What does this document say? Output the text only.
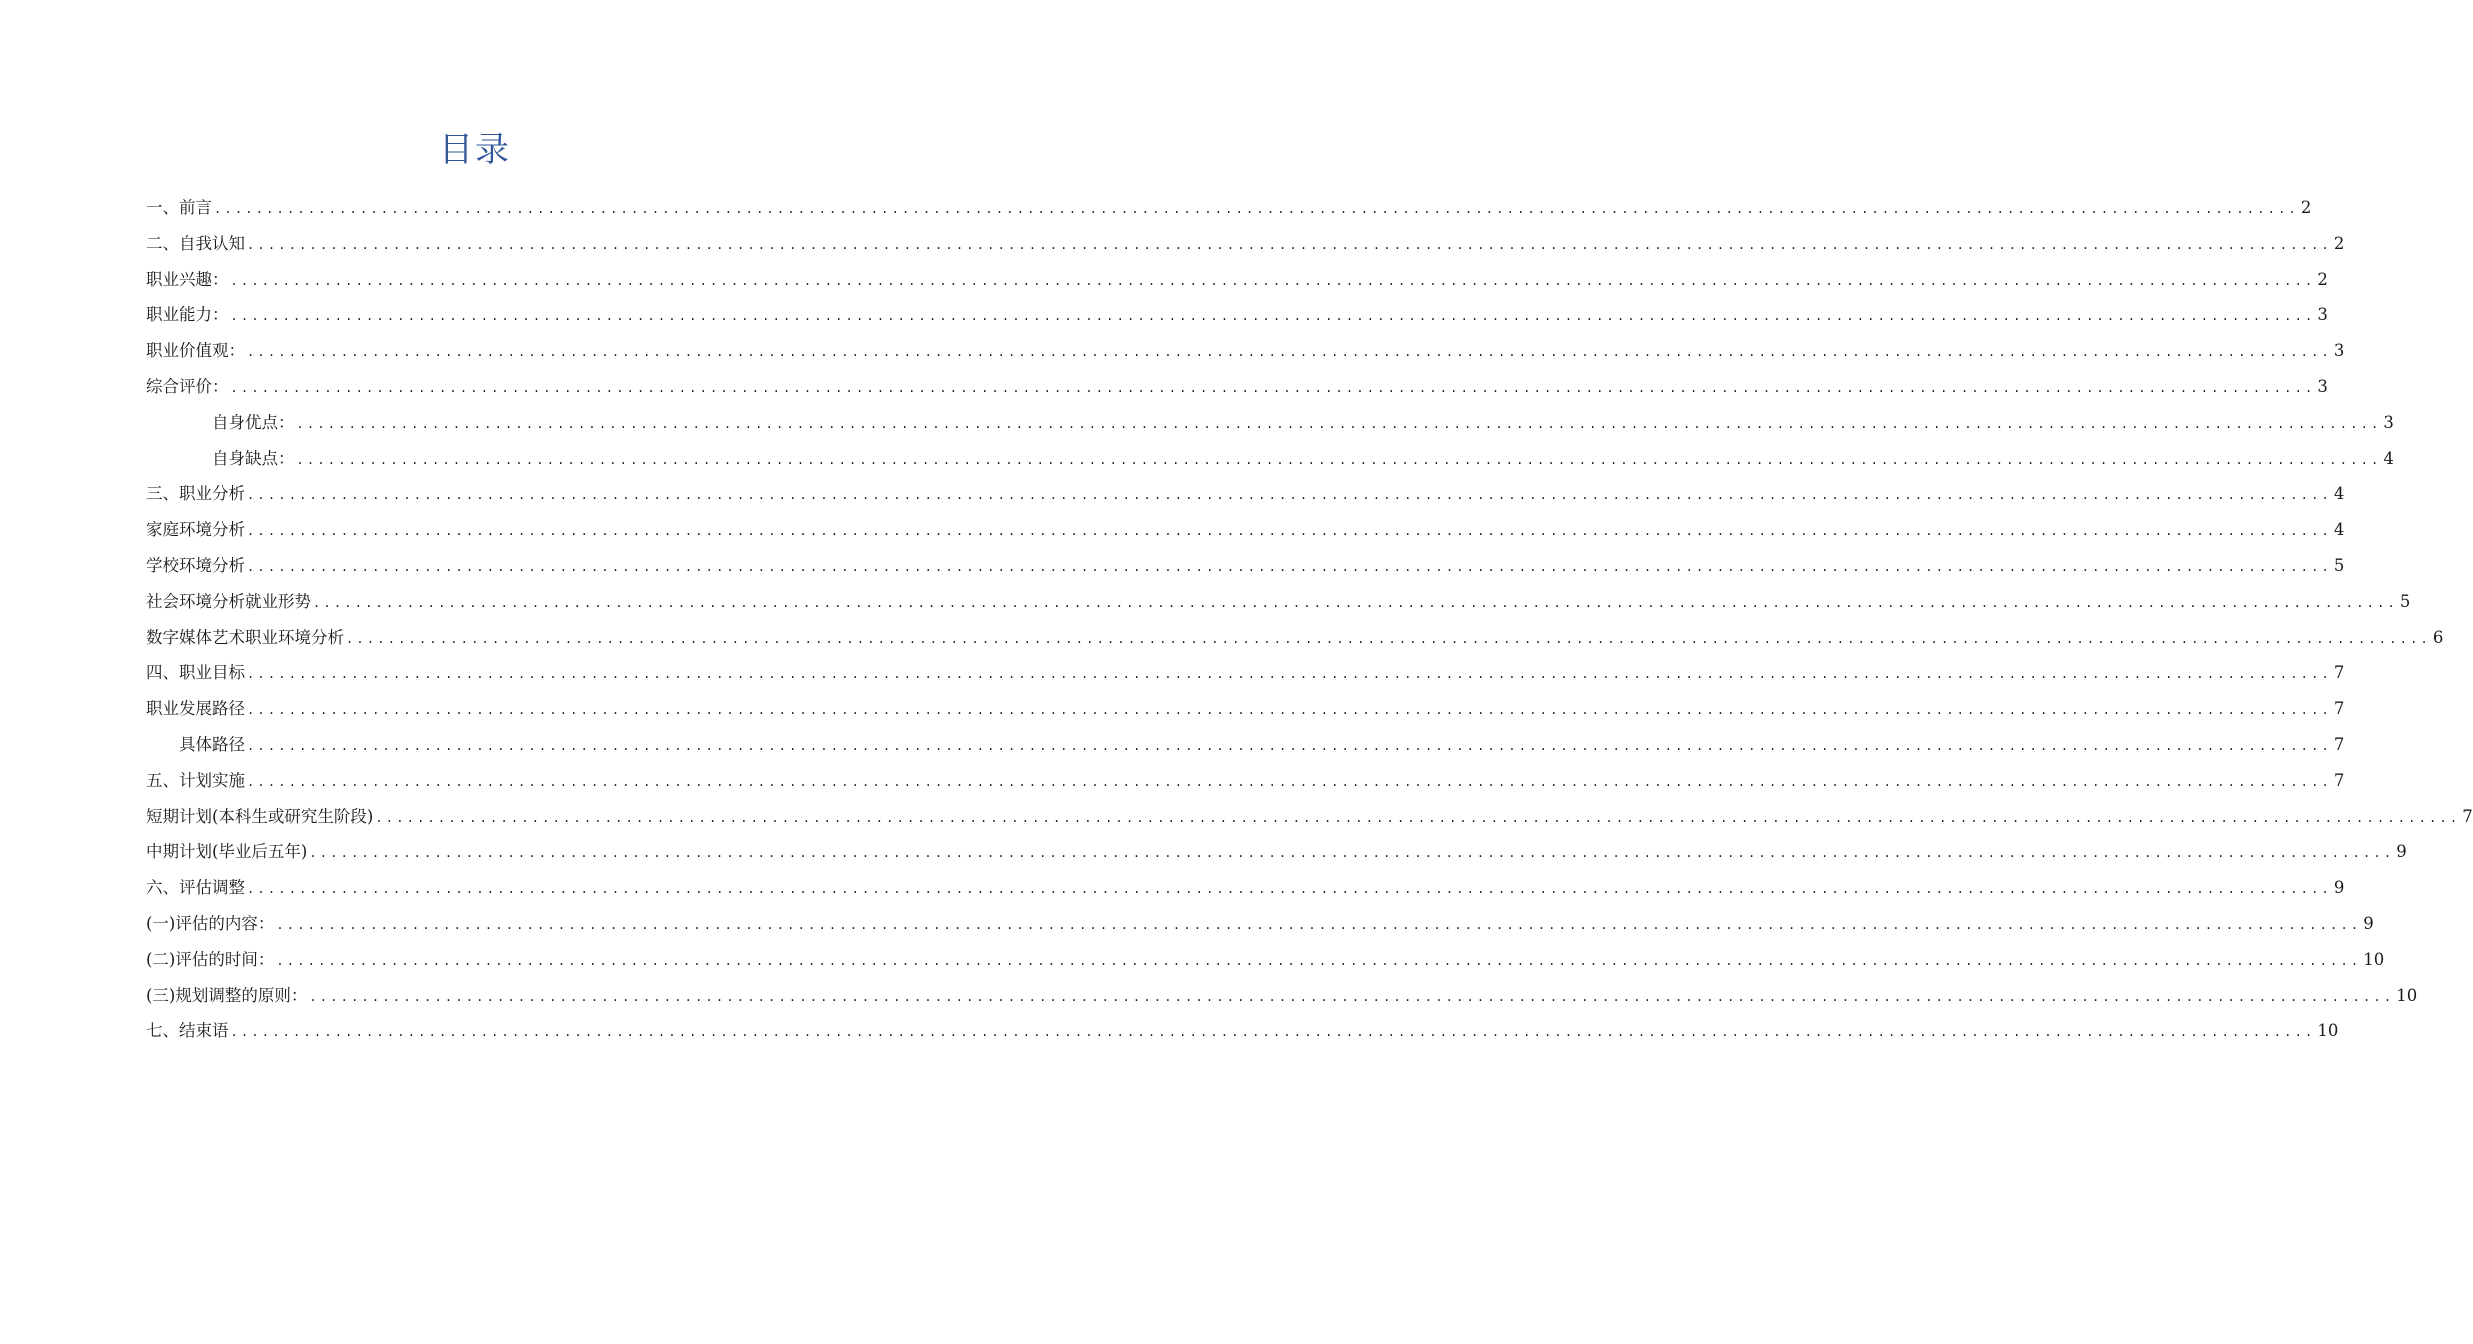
目录
一、前言 ........................................................................................................................................................................................................ 2
二、自我认知 ........................................................................................................................................................................................................ 2
职业兴趣： ........................................................................................................................................................................................................ 2
职业能力： ........................................................................................................................................................................................................ 3
职业价值观： ........................................................................................................................................................................................................ 3
综合评价： ........................................................................................................................................................................................................ 3
自身优点： ........................................................................................................................................................................................................ 3
自身缺点： ........................................................................................................................................................................................................ 4
三、职业分析 ........................................................................................................................................................................................................ 4
家庭环境分析 ........................................................................................................................................................................................................ 4
学校环境分析 ........................................................................................................................................................................................................ 5
社会环境分析就业形势 ........................................................................................................................................................................................................ 5
数字媒体艺术职业环境分析 ........................................................................................................................................................................................................ 6
四、职业目标 ........................................................................................................................................................................................................ 7
职业发展路径 ........................................................................................................................................................................................................ 7
具体路径 ........................................................................................................................................................................................................ 7
五、计划实施 ........................................................................................................................................................................................................ 7
短期计划(本科生或研究生阶段) ........................................................................................................................................................................................................ 7
中期计划(毕业后五年) ........................................................................................................................................................................................................ 9
六、评估调整 ........................................................................................................................................................................................................ 9
(一)评估的内容： ........................................................................................................................................................................................................ 9
(二)评估的时间： ........................................................................................................................................................................................................ 10
(三)规划调整的原则： ........................................................................................................................................................................................................ 10
七、结束语 ........................................................................................................................................................................................................ 10
